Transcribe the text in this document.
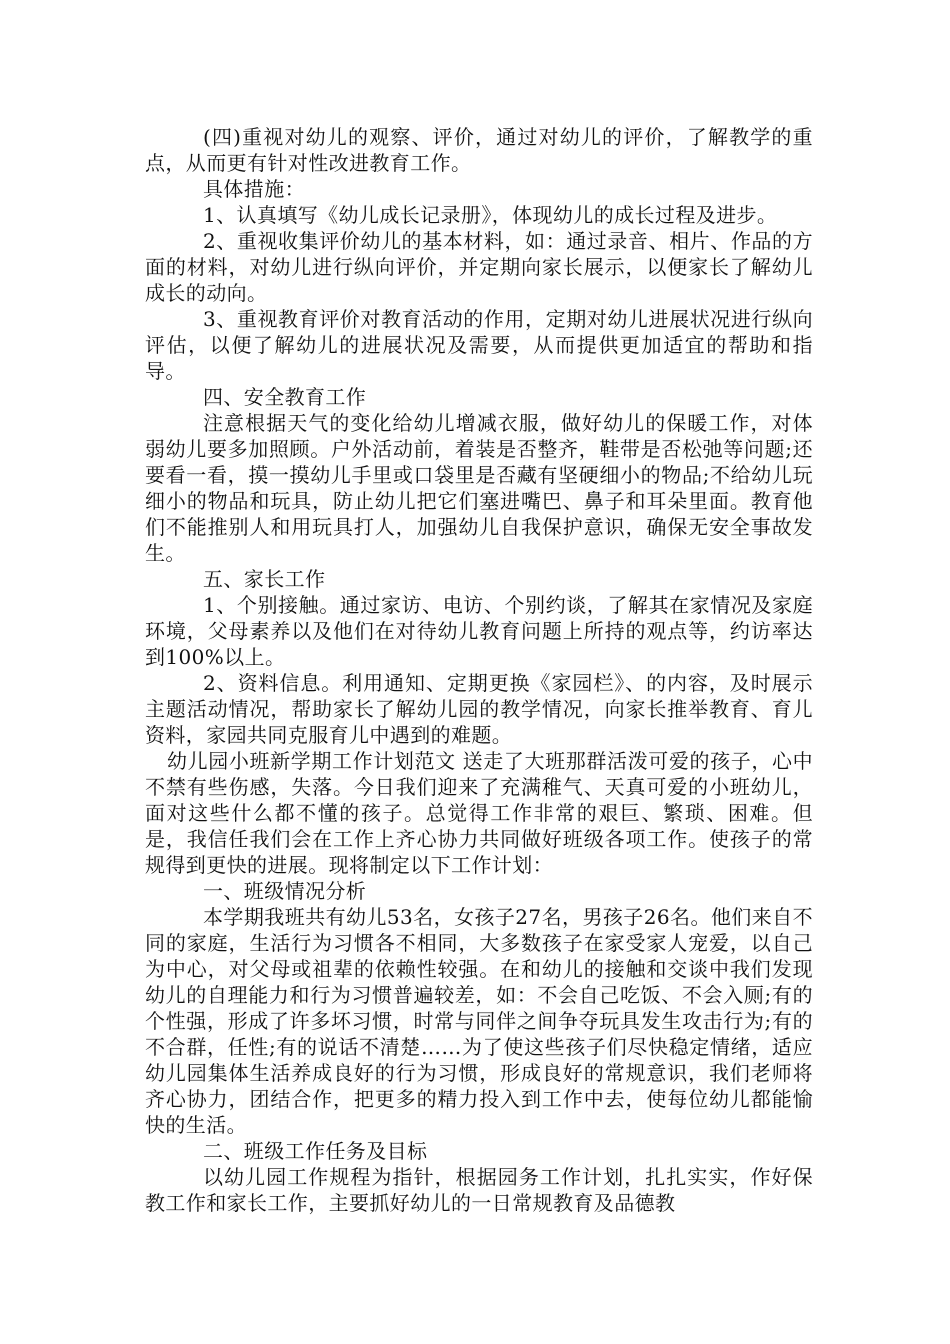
(四)重视对幼儿的观察、评价，通过对幼儿的评价，了解教学的重点，从而更有针对性改进教育工作。

具体措施：

1、认真填写《幼儿成长记录册》，体现幼儿的成长过程及进步。

2、重视收集评价幼儿的基本材料，如：通过录音、相片、作品的方面的材料，对幼儿进行纵向评价，并定期向家长展示，以便家长了解幼儿成长的动向。

3、重视教育评价对教育活动的作用，定期对幼儿进展状况进行纵向评估，以便了解幼儿的进展状况及需要，从而提供更加适宜的帮助和指导。

四、安全教育工作

注意根据天气的变化给幼儿增减衣服，做好幼儿的保暖工作，对体弱幼儿要多加照顾。户外活动前，着装是否整齐，鞋带是否松弛等问题;还要看一看，摸一摸幼儿手里或口袋里是否藏有坚硬细小的物品;不给幼儿玩细小的物品和玩具，防止幼儿把它们塞进嘴巴、鼻子和耳朵里面。教育他们不能推别人和用玩具打人，加强幼儿自我保护意识，确保无安全事故发生。

五、家长工作

1、个别接触。通过家访、电访、个别约谈，了解其在家情况及家庭环境，父母素养以及他们在对待幼儿教育问题上所持的观点等，约访率达到100%以上。

2、资料信息。利用通知、定期更换《家园栏》、的内容，及时展示主题活动情况，帮助家长了解幼儿园的教学情况，向家长推举教育、育儿资料，家园共同克服育儿中遇到的难题。

幼儿园小班新学期工作计划范文 送走了大班那群活泼可爱的孩子，心中不禁有些伤感，失落。今日我们迎来了充满稚气、天真可爱的小班幼儿，面对这些什么都不懂的孩子。总觉得工作非常的艰巨、繁琐、困难。但是，我信任我们会在工作上齐心协力共同做好班级各项工作。使孩子的常规得到更快的进展。现将制定以下工作计划：

一、班级情况分析

本学期我班共有幼儿53名，女孩子27名，男孩子26名。他们来自不同的家庭，生活行为习惯各不相同，大多数孩子在家受家人宠爱，以自己为中心，对父母或祖辈的依赖性较强。在和幼儿的接触和交谈中我们发现幼儿的自理能力和行为习惯普遍较差，如：不会自己吃饭、不会入厕;有的个性强，形成了许多坏习惯，时常与同伴之间争夺玩具发生攻击行为;有的不合群，任性;有的说话不清楚……为了使这些孩子们尽快稳定情绪，适应幼儿园集体生活养成良好的行为习惯，形成良好的常规意识，我们老师将齐心协力，团结合作，把更多的精力投入到工作中去，使每位幼儿都能愉快的生活。

二、班级工作任务及目标

以幼儿园工作规程为指针，根据园务工作计划，扎扎实实，作好保教工作和家长工作，主要抓好幼儿的一日常规教育及品德教
